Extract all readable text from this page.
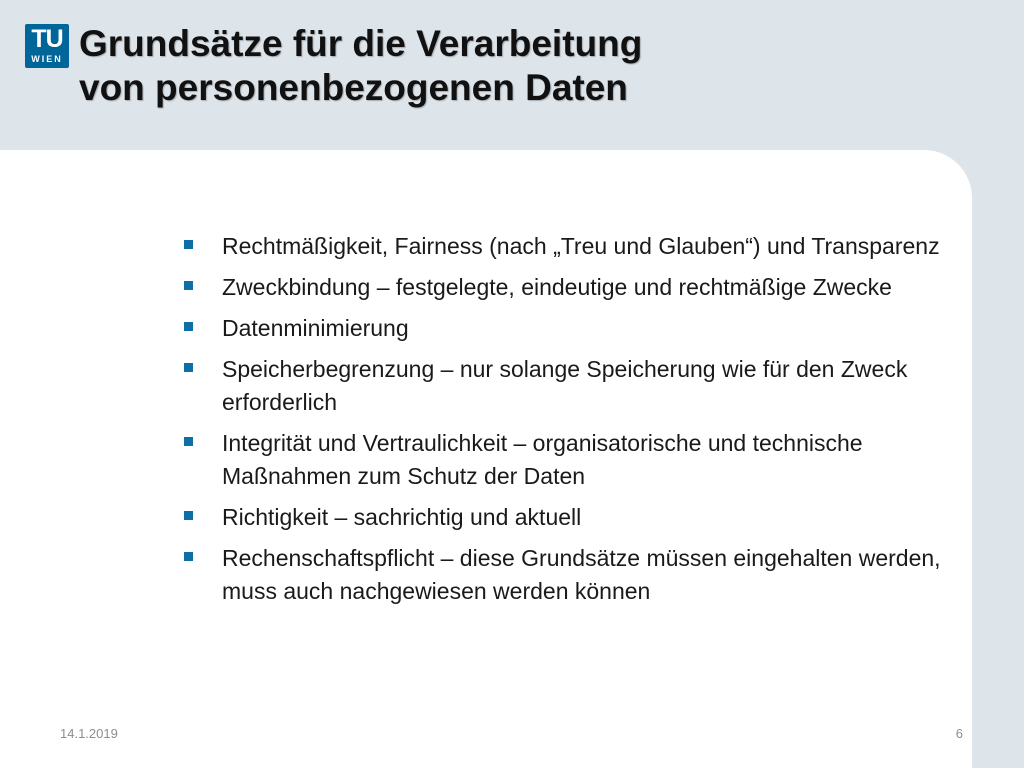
TU
WIEN Grundsätze für die Verarbeitung
von personenbezogenen Daten
Rechtmäßigkeit, Fairness (nach „Treu und Glauben“) und Transparenz
Zweckbindung – festgelegte, eindeutige und rechtmäßige Zwecke
Datenminimierung
Speicherbegrenzung – nur solange Speicherung wie für den Zweck erforderlich
Integrität und Vertraulichkeit – organisatorische und technische Maßnahmen zum Schutz der Daten
Richtigkeit – sachrichtig und aktuell
Rechenschaftspflicht – diese Grundsätze müssen eingehalten werden, muss auch nachgewiesen werden können
14.1.2019	6
